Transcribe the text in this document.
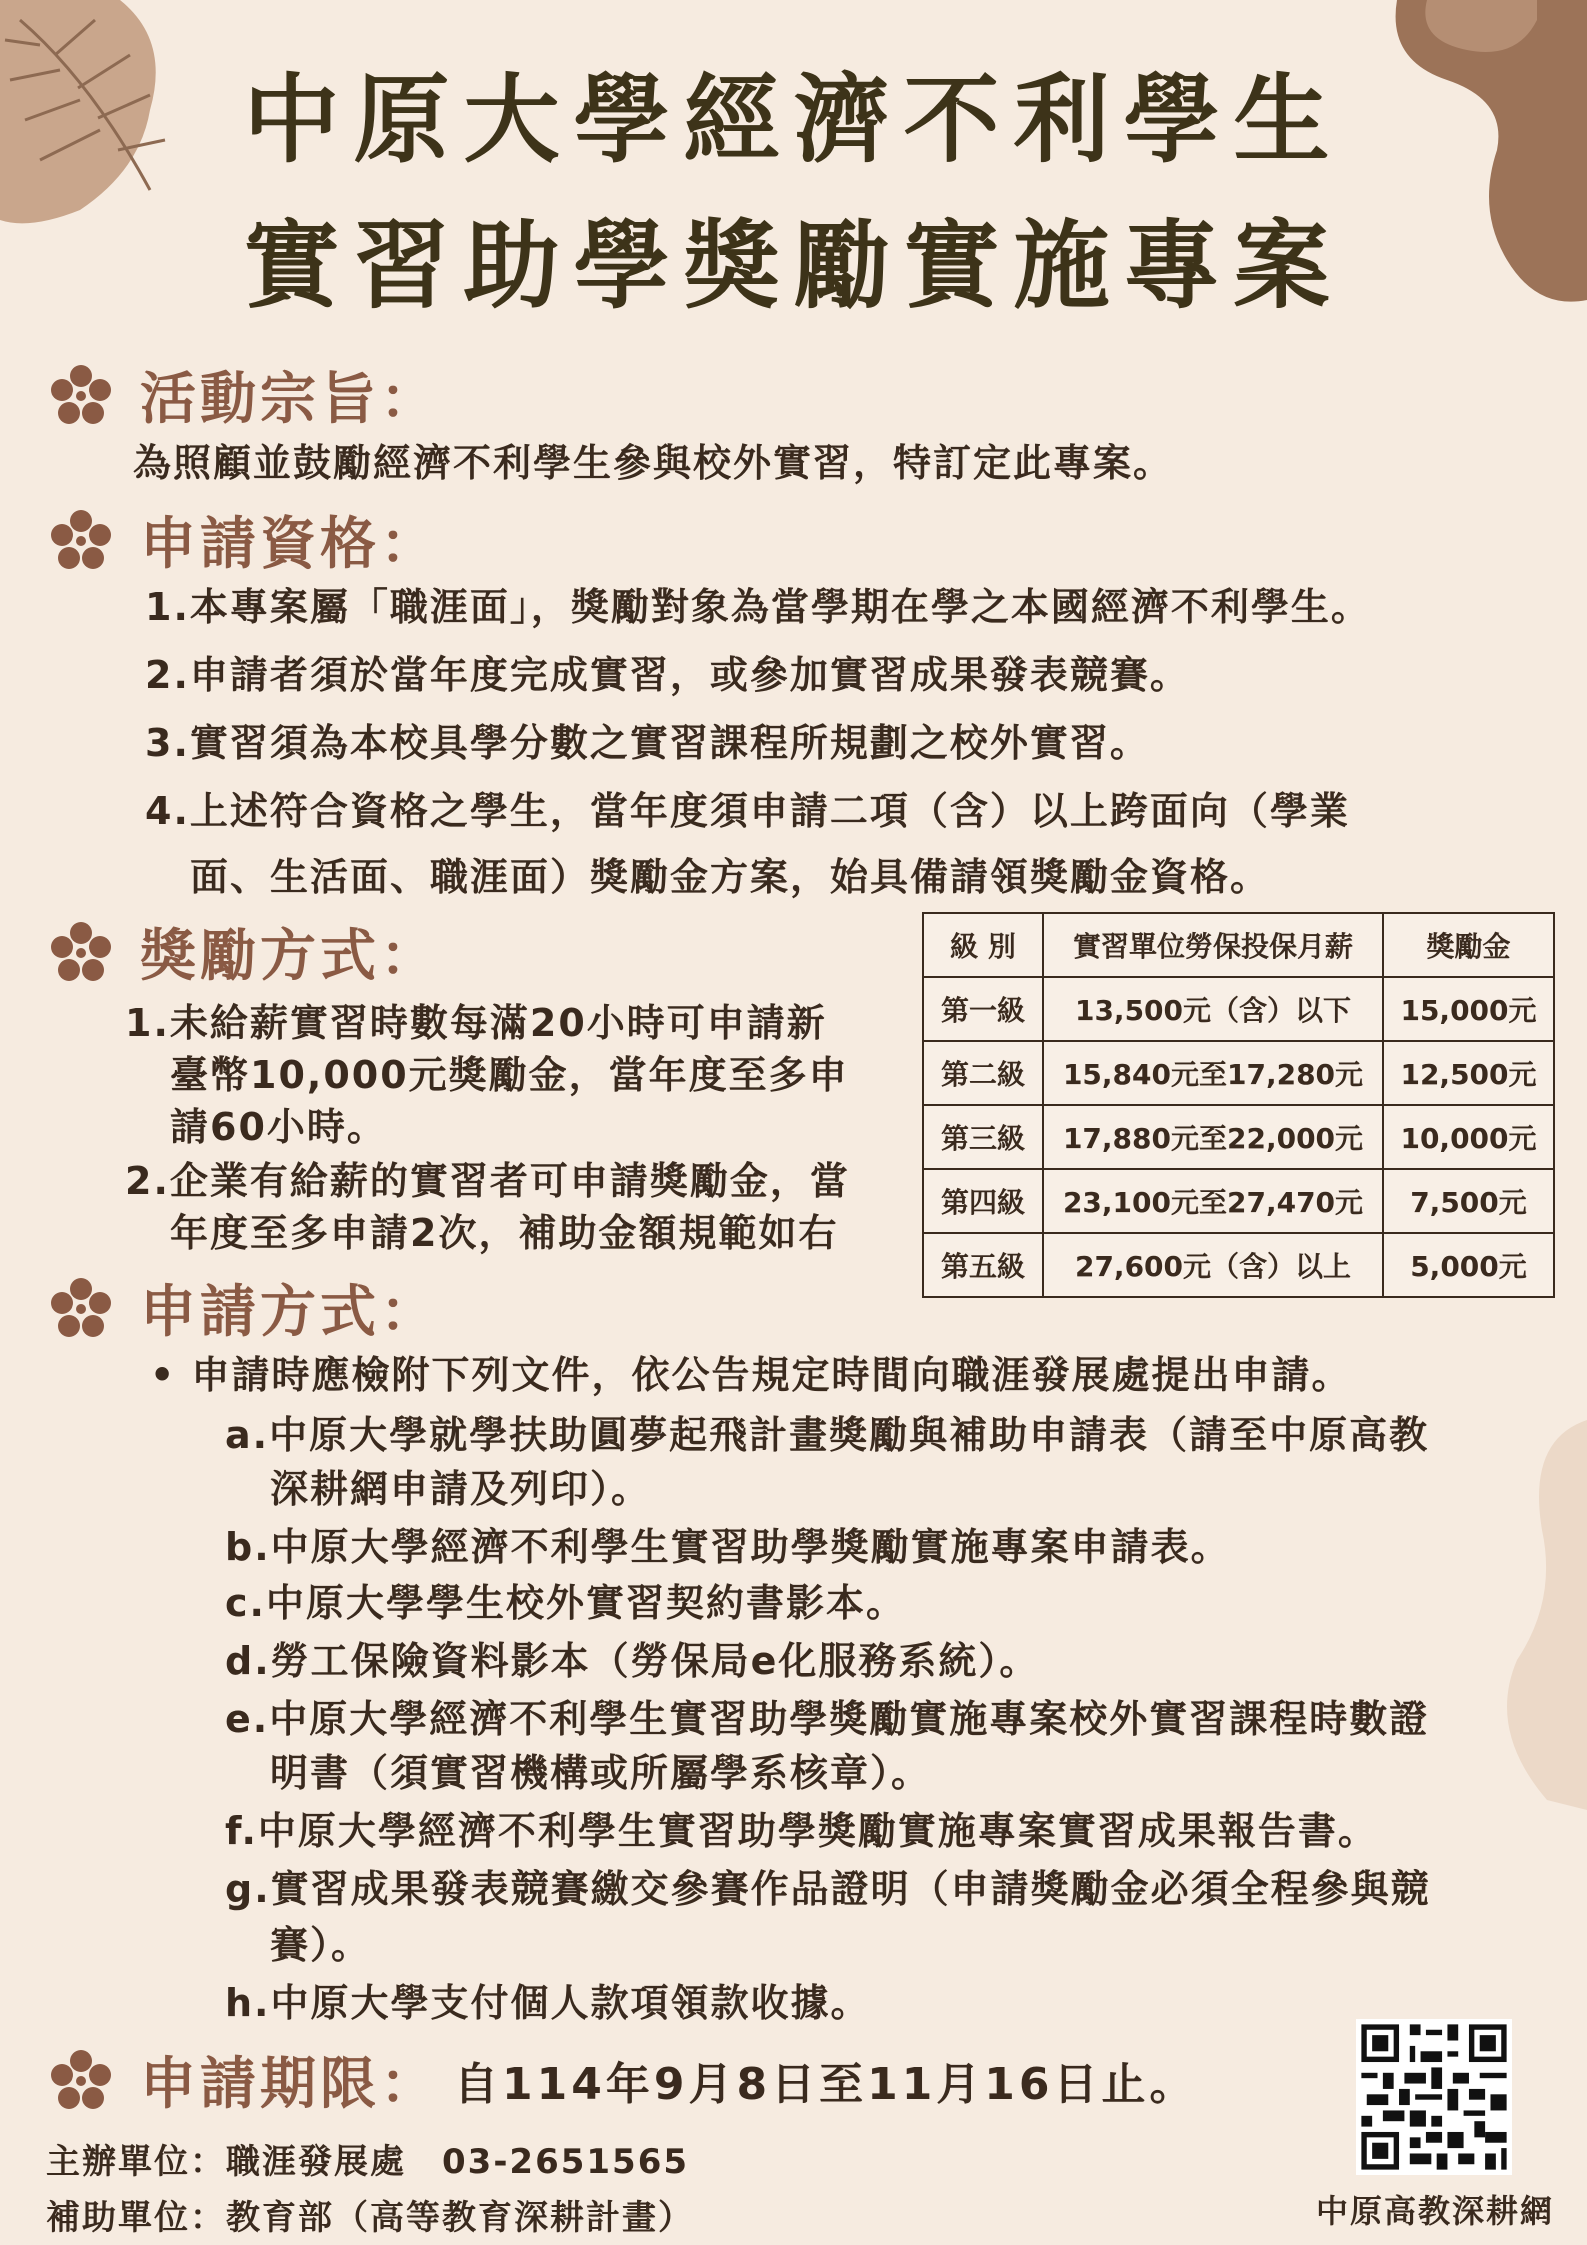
中原大學經濟不利學生
實習助學獎勵實施專案
活動宗旨：
為照顧並鼓勵經濟不利學生參與校外實習，特訂定此專案。
申請資格：
1.本專案屬「職涯面」，獎勵對象為當學期在學之本國經濟不利學生。
2.申請者須於當年度完成實習，或參加實習成果發表競賽。
3.實習須為本校具學分數之實習課程所規劃之校外實習。
4.上述符合資格之學生，當年度須申請二項（含）以上跨面向（學業
面、生活面、職涯面）獎勵金方案，始具備請領獎勵金資格。
獎勵方式：
1.未給薪實習時數每滿20小時可申請新
臺幣10,000元獎勵金，當年度至多申
請60小時。
2.企業有給薪的實習者可申請獎勵金，當
年度至多申請2次，補助金額規範如右
級 別	實習單位勞保投保月薪	獎勵金
第一級	13,500元（含）以下	15,000元
第二級	15,840元至17,280元	12,500元
第三級	17,880元至22,000元	10,000元
第四級	23,100元至27,470元	7,500元
第五級	27,600元（含）以上	5,000元
申請方式：
• 申請時應檢附下列文件，依公告規定時間向職涯發展處提出申請。
a.中原大學就學扶助圓夢起飛計畫獎勵與補助申請表（請至中原高教
深耕網申請及列印）。
b.中原大學經濟不利學生實習助學獎勵實施專案申請表。
c.中原大學學生校外實習契約書影本。
d.勞工保險資料影本（勞保局e化服務系統）。
e.中原大學經濟不利學生實習助學獎勵實施專案校外實習課程時數證
明書（須實習機構或所屬學系核章）。
f.中原大學經濟不利學生實習助學獎勵實施專案實習成果報告書。
g.實習成果發表競賽繳交參賽作品證明（申請獎勵金必須全程參與競
賽）。
h.中原大學支付個人款項領款收據。
申請期限： 自114年9月8日至11月16日止。
主辦單位：職涯發展處　03-2651565
補助單位：教育部（高等教育深耕計畫）	中原高教深耕網
